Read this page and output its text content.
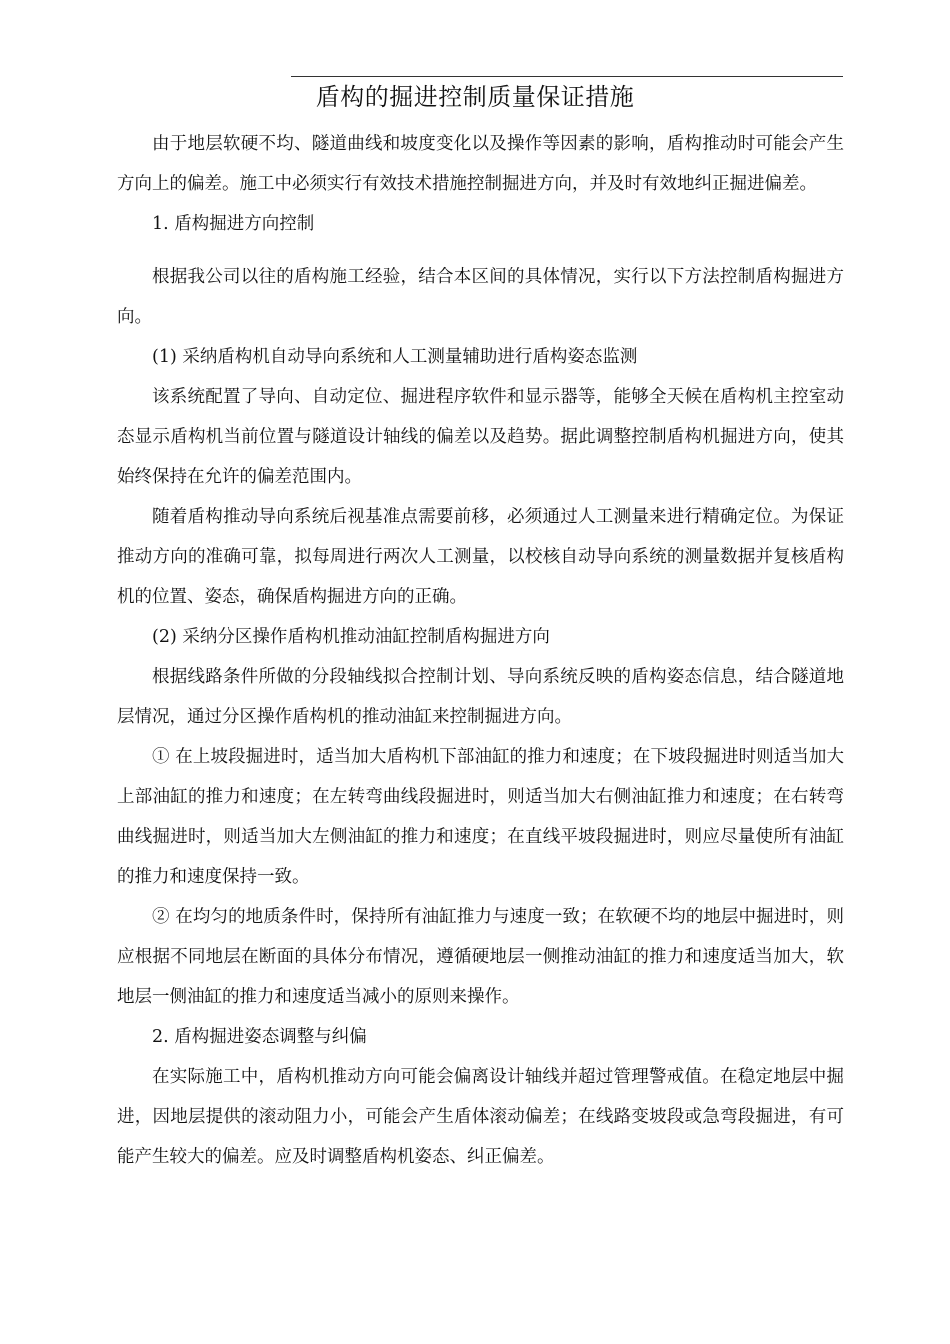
盾构的掘进控制质量保证措施

由于地层软硬不均、隧道曲线和坡度变化以及操作等因素的影响，盾构推动时可能会产生方向上的偏差。施工中必须实行有效技术措施控制掘进方向，并及时有效地纠正掘进偏差。

1. 盾构掘进方向控制

根据我公司以往的盾构施工经验，结合本区间的具体情况，实行以下方法控制盾构掘进方向。

(1) 采纳盾构机自动导向系统和人工测量辅助进行盾构姿态监测

该系统配置了导向、自动定位、掘进程序软件和显示器等，能够全天候在盾构机主控室动态显示盾构机当前位置与隧道设计轴线的偏差以及趋势。据此调整控制盾构机掘进方向，使其始终保持在允许的偏差范围内。

随着盾构推动导向系统后视基准点需要前移，必须通过人工测量来进行精确定位。为保证推动方向的准确可靠，拟每周进行两次人工测量，以校核自动导向系统的测量数据并复核盾构机的位置、姿态，确保盾构掘进方向的正确。

(2) 采纳分区操作盾构机推动油缸控制盾构掘进方向

根据线路条件所做的分段轴线拟合控制计划、导向系统反映的盾构姿态信息，结合隧道地层情况，通过分区操作盾构机的推动油缸来控制掘进方向。

① 在上坡段掘进时，适当加大盾构机下部油缸的推力和速度；在下坡段掘进时则适当加大上部油缸的推力和速度；在左转弯曲线段掘进时，则适当加大右侧油缸推力和速度；在右转弯曲线掘进时，则适当加大左侧油缸的推力和速度；在直线平坡段掘进时，则应尽量使所有油缸的推力和速度保持一致。

② 在均匀的地质条件时，保持所有油缸推力与速度一致；在软硬不均的地层中掘进时，则应根据不同地层在断面的具体分布情况，遵循硬地层一侧推动油缸的推力和速度适当加大，软地层一侧油缸的推力和速度适当减小的原则来操作。

2. 盾构掘进姿态调整与纠偏

在实际施工中，盾构机推动方向可能会偏离设计轴线并超过管理警戒值。在稳定地层中掘进，因地层提供的滚动阻力小，可能会产生盾体滚动偏差；在线路变坡段或急弯段掘进，有可能产生较大的偏差。应及时调整盾构机姿态、纠正偏差。
